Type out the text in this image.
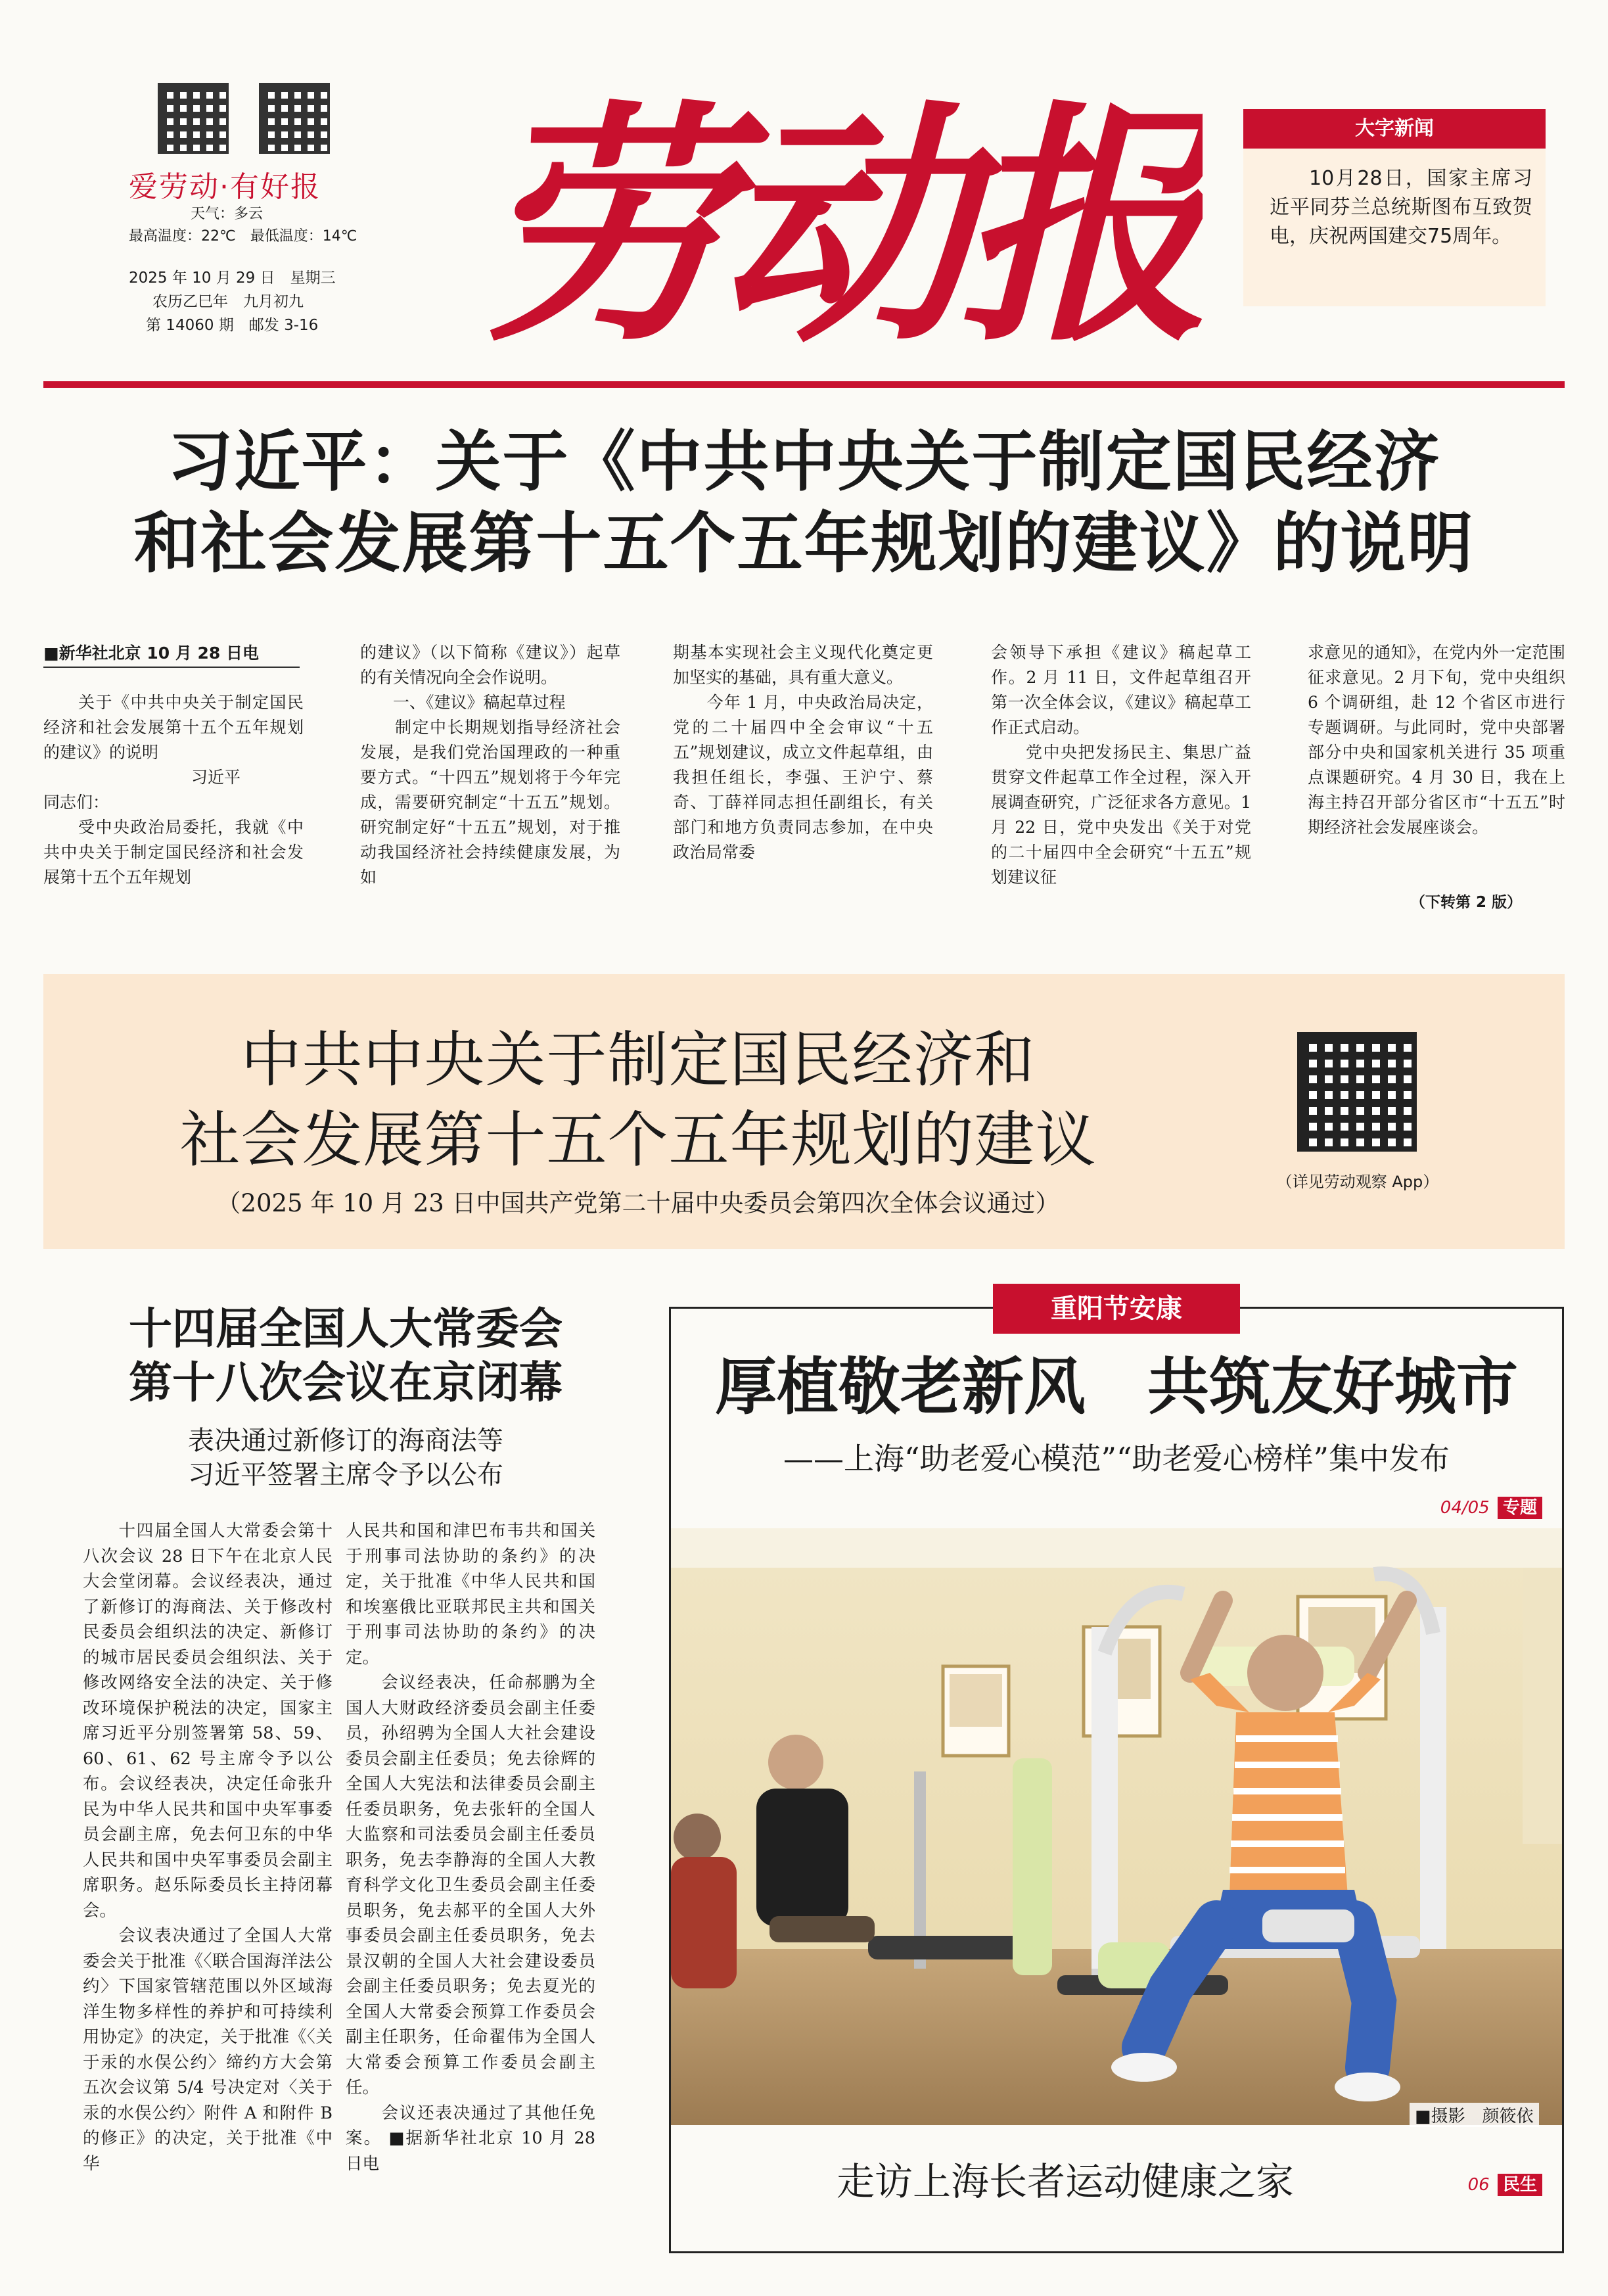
爱劳动·有好报
天气：多云
最高温度：22℃　最低温度：14℃
2025 年 10 月 29 日　星期三
农历乙巳年　九月初九
第 14060 期　邮发 3-16 劳动报	大字新闻
10月28日，国家主席习近平同芬兰总统斯图布互致贺电，庆祝两国建交75周年。
习近平：关于《中共中央关于制定国民经济
和社会发展第十五个五年规划的建议》的说明
■新华社北京 10 月 28 日电
　　关于《中共中央关于制定国民经济和社会发展第十五个五年规划的建议》的说明
　　　　　　　　　习近平
同志们：
　　受中央政治局委托，我就《中共中央关于制定国民经济和社会发展第十五个五年规划
的建议》（以下简称《建议》）起草的有关情况向全会作说明。
　　一、《建议》稿起草过程
　　制定中长期规划指导经济社会发展，是我们党治国理政的一种重要方式。“十四五”规划将于今年完成，需要研究制定“十五五”规划。研究制定好“十五五”规划，对于推动我国经济社会持续健康发展，为如
期基本实现社会主义现代化奠定更加坚实的基础，具有重大意义。
　　今年 1 月，中央政治局决定，党的二十届四中全会审议“十五五”规划建议，成立文件起草组，由我担任组长，李强、王沪宁、蔡奇、丁薛祥同志担任副组长，有关部门和地方负责同志参加，在中央政治局常委
会领导下承担《建议》稿起草工作。2 月 11 日，文件起草组召开第一次全体会议，《建议》稿起草工作正式启动。
　　党中央把发扬民主、集思广益贯穿文件起草工作全过程，深入开展调查研究，广泛征求各方意见。1 月 22 日，党中央发出《关于对党的二十届四中全会研究“十五五”规划建议征
求意见的通知》，在党内外一定范围征求意见。2 月下旬，党中央组织 6 个调研组，赴 12 个省区市进行专题调研。与此同时，党中央部署部分中央和国家机关进行 35 项重点课题研究。4 月 30 日，我在上海主持召开部分省区市“十五五”时期经济社会发展座谈会。
（下转第 2 版）
中共中央关于制定国民经济和
社会发展第十五个五年规划的建议
（2025 年 10 月 23 日中国共产党第二十届中央委员会第四次全体会议通过）
（详见劳动观察 App）
十四届全国人大常委会
第十八次会议在京闭幕
表决通过新修订的海商法等
习近平签署主席令予以公布
　　十四届全国人大常委会第十八次会议 28 日下午在北京人民大会堂闭幕。会议经表决，通过了新修订的海商法、关于修改村民委员会组织法的决定、新修订的城市居民委员会组织法、关于修改网络安全法的决定、关于修改环境保护税法的决定，国家主席习近平分别签署第 58、59、60、61、62 号主席令予以公布。会议经表决，决定任命张升民为中华人民共和国中央军事委员会副主席，免去何卫东的中华人民共和国中央军事委员会副主席职务。赵乐际委员长主持闭幕会。
　　会议表决通过了全国人大常委会关于批准《〈联合国海洋法公约〉下国家管辖范围以外区域海洋生物多样性的养护和可持续利用协定》的决定，关于批准《〈关于汞的水俣公约〉缔约方大会第五次会议第 5/4 号决定对〈关于汞的水俣公约〉附件 A 和附件 B 的修正》的决定，关于批准《中华
人民共和国和津巴布韦共和国关于刑事司法协助的条约》的决定，关于批准《中华人民共和国和埃塞俄比亚联邦民主共和国关于刑事司法协助的条约》的决定。
　　会议经表决，任命郝鹏为全国人大财政经济委员会副主任委员，孙绍骋为全国人大社会建设委员会副主任委员；免去徐辉的全国人大宪法和法律委员会副主任委员职务，免去张轩的全国人大监察和司法委员会副主任委员职务，免去李静海的全国人大教育科学文化卫生委员会副主任委员职务，免去郝平的全国人大外事委员会副主任委员职务，免去景汉朝的全国人大社会建设委员会副主任委员职务；免去夏光的全国人大常委会预算工作委员会副主任职务，任命翟伟为全国人大常委会预算工作委员会副主任。
　　会议还表决通过了其他任免案。 ■据新华社北京 10 月 28 日电
重阳节安康
厚植敬老新风　共筑友好城市
——上海“助老爱心模范”“助老爱心榜样”集中发布
04/05 专题
■摄影　颜筱依
走访上海长者运动健康之家	06 民生
